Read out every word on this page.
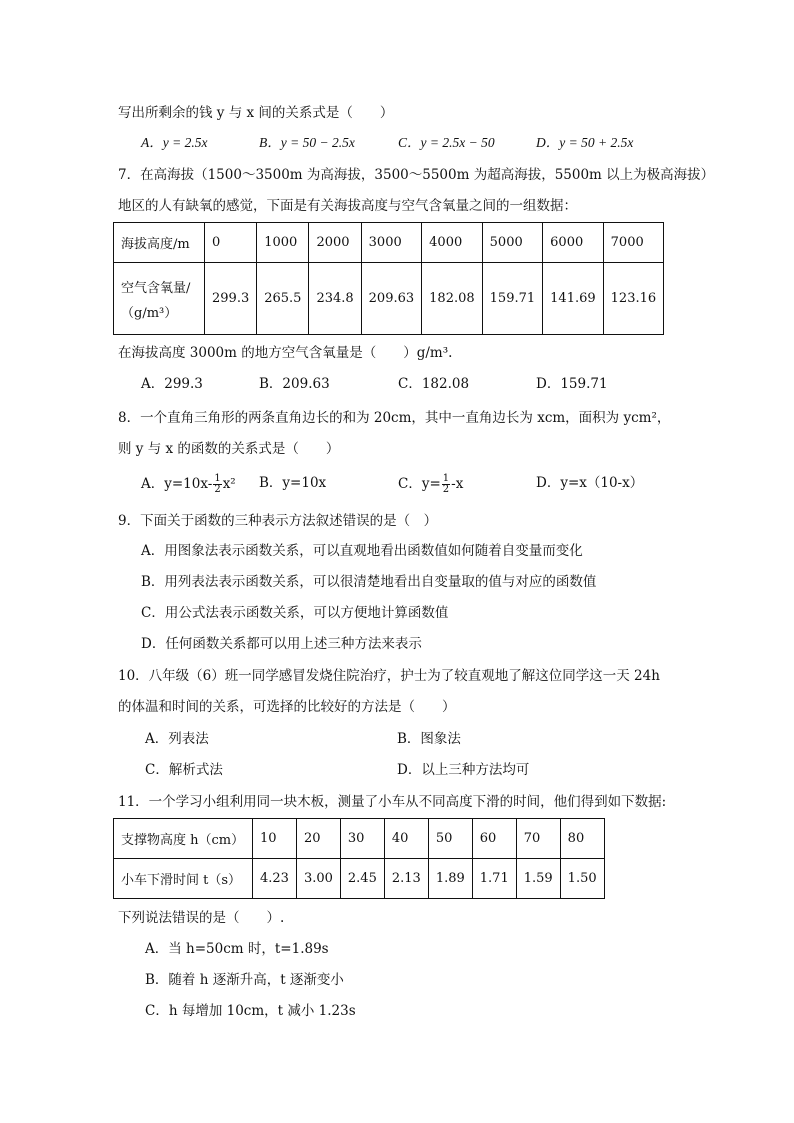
写出所剩余的钱 y 与 x 间的关系式是（　　）
A．y = 2.5x	B．y = 50 − 2.5x	C．y = 2.5x − 50	D．y = 50 + 2.5x
7．在高海拔（1500～3500m 为高海拔，3500～5500m 为超高海拔，5500m 以上为极高海拔）
地区的人有缺氧的感觉，下面是有关海拔高度与空气含氧量之间的一组数据：
海拔高度/m	0	1000	2000	3000	4000	5000	6000	7000

空气含氧量/
（g/m³）	299.3	265.5	234.8	209.63	182.08	159.71	141.69	123.16
在海拔高度 3000m 的地方空气含氧量是（　　）g/m³.
A．299.3	B．209.63	C．182.08	D．159.71
8．一个直角三角形的两条直角边长的和为 20cm，其中一直角边长为 xcm，面积为 ycm²，
则 y 与 x 的函数的关系式是（　　）
A．$y=10x- \frac{1}{2} x^2$ B．y=10x	C．$y= \frac{1}{2} -x$	D．y=x（10-x）
9．下面关于函数的三种表示方法叙述错误的是（　）
A．用图象法表示函数关系，可以直观地看出函数值如何随着自变量而变化
B．用列表法表示函数关系，可以很清楚地看出自变量取的值与对应的函数值
C．用公式法表示函数关系，可以方便地计算函数值
D．任何函数关系都可以用上述三种方法来表示
10．八年级（6）班一同学感冒发烧住院治疗，护士为了较直观地了解这位同学这一天 24h
的体温和时间的关系，可选择的比较好的方法是（　　）
A．列表法	B．图象法
C．解析式法	D．以上三种方法均可
11．一个学习小组利用同一块木板，测量了小车从不同高度下滑的时间，他们得到如下数据:
支撑物高度 h（cm）	10	20	30	40	50	60	70	80
小车下滑时间 t（s）	4.23	3.00	2.45	2.13	1.89	1.71	1.59	1.50
下列说法错误的是（　　）.
A．当 h=50cm 时，t=1.89s
B．随着 h 逐渐升高，t 逐渐变小
C．h 每增加 10cm，t 减小 1.23s
